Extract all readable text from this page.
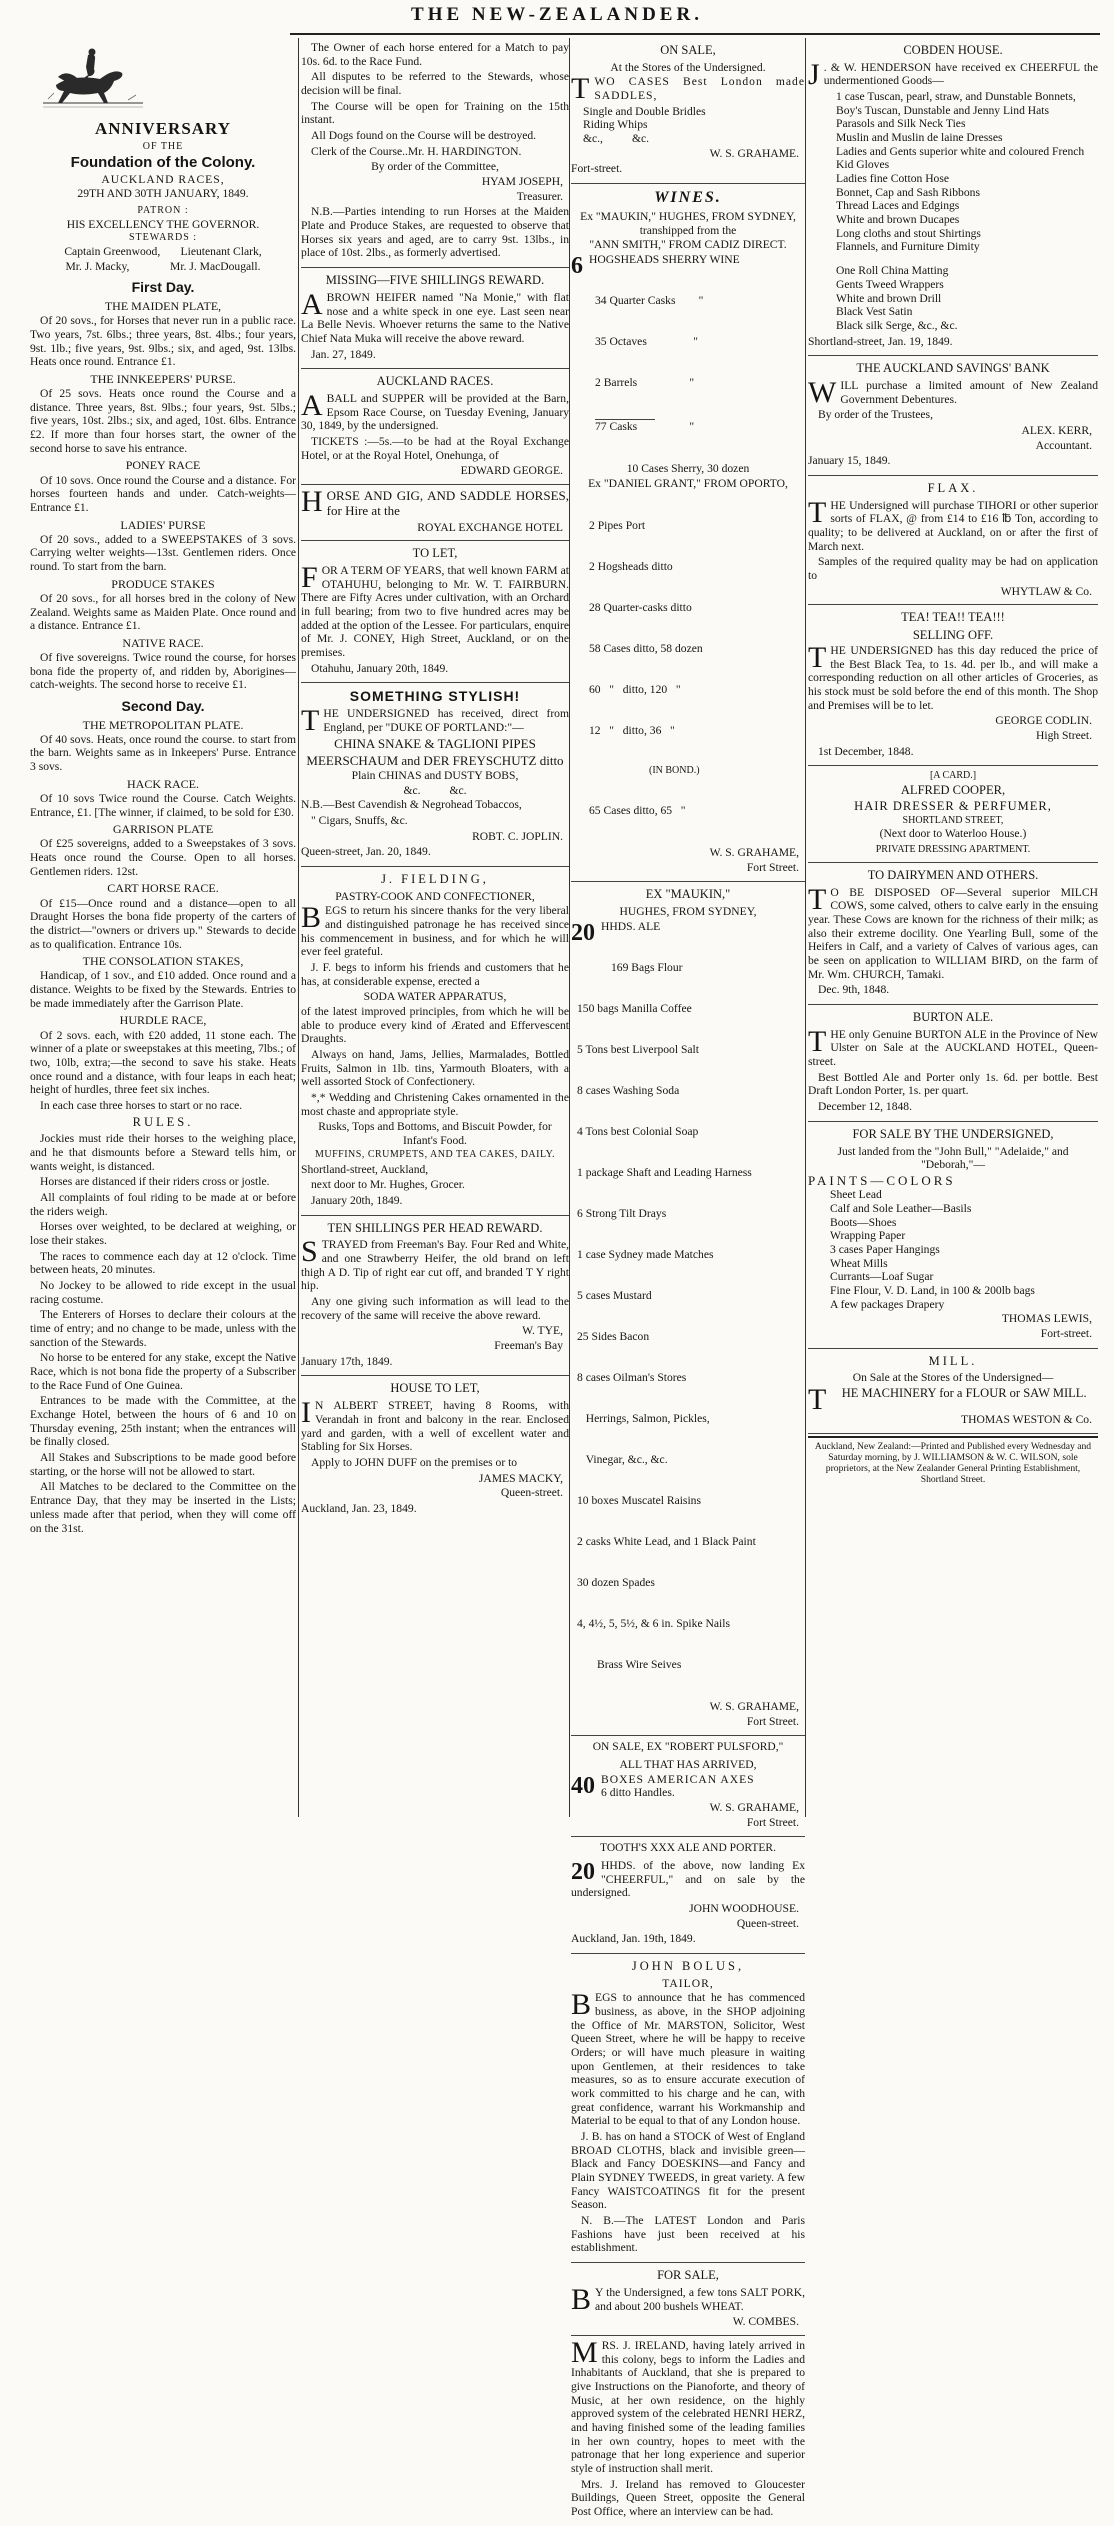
THE NEW-ZEALANDER.
ANNIVERSARY
OF THE
Foundation of the Colony.
AUCKLAND RACES,
29TH AND 30TH JANUARY, 1849.
PATRON :
HIS EXCELLENCY THE GOVERNOR.
STEWARDS :
Captain Greenwood,       Lieutenant Clark,
Mr. J. Macky,              Mr. J. MacDougall.
First Day.
THE MAIDEN PLATE,

Of 20 sovs., for Horses that never run in a public race. Two years, 7st. 6lbs.; three years, 8st. 4lbs.; four years, 9st. 1lb.; five years, 9st. 9lbs.; six, and aged, 9st. 13lbs. Heats once round. Entrance £1.

THE INNKEEPERS' PURSE.

Of 25 sovs. Heats once round the Course and a distance. Three years, 8st. 9lbs.; four years, 9st. 5lbs.; five years, 10st. 2lbs.; six, and aged, 10st. 6lbs. Entrance £2. If more than four horses start, the owner of the second horse to save his entrance.

PONEY RACE

Of 10 sovs. Once round the Course and a distance. For horses fourteen hands and under. Catch-weights—Entrance £1.

LADIES' PURSE

Of 20 sovs., added to a SWEEPSTAKES of 3 sovs. Carrying welter weights—13st. Gentlemen riders. Once round. To start from the barn.

PRODUCE STAKES

Of 20 sovs., for all horses bred in the colony of New Zealand. Weights same as Maiden Plate. Once round and a distance. Entrance £1.

NATIVE RACE.

Of five sovereigns. Twice round the course, for horses bona fide the property of, and ridden by, Aborigines—catch-weights. The second horse to receive £1.

Second Day.
THE METROPOLITAN PLATE.

Of 40 sovs. Heats, once round the course. to start from the barn. Weights same as in Inkeepers' Purse. Entrance 3 sovs.

HACK RACE.

Of 10 sovs Twice round the Course. Catch Weights. Entrance, £1. [The winner, if claimed, to be sold for £30.

GARRISON PLATE

Of £25 sovereigns, added to a Sweepstakes of 3 sovs. Heats once round the Course. Open to all horses. Gentlemen riders. 12st.

CART HORSE RACE.

Of £15—Once round and a distance—open to all Draught Horses the bona fide property of the carters of the district—"owners or drivers up." Stewards to decide as to qualification. Entrance 10s.

THE CONSOLATION STAKES,

Handicap, of 1 sov., and £10 added. Once round and a distance. Weights to be fixed by the Stewards. Entries to be made immediately after the Garrison Plate.

HURDLE RACE,

Of 2 sovs. each, with £20 added, 11 stone each. The winner of a plate or sweepstakes at this meeting, 7lbs.; of two, 10lb, extra;—the second to save his stake. Heats once round and a distance, with four leaps in each heat; height of hurdles, three feet six inches.

In each case three horses to start or no race.

RULES.

Jockies must ride their horses to the weighing place, and he that dismounts before a Steward tells him, or wants weight, is distanced.

Horses are distanced if their riders cross or jostle.

All complaints of foul riding to be made at or before the riders weigh.

Horses over weighted, to be declared at weighing, or lose their stakes.

The races to commence each day at 12 o'clock. Time between heats, 20 minutes.

No Jockey to be allowed to ride except in the usual racing costume.

The Enterers of Horses to declare their colours at the time of entry; and no change to be made, unless with the sanction of the Stewards.

No horse to be entered for any stake, except the Native Race, which is not bona fide the property of a Subscriber to the Race Fund of One Guinea.

Entrances to be made with the Committee, at the Exchange Hotel, between the hours of 6 and 10 on Thursday evening, 25th instant; when the entrances will be finally closed.

All Stakes and Subscriptions to be made good before starting, or the horse will not be allowed to start.

All Matches to be declared to the Committee on the Entrance Day, that they may be inserted in the Lists; unless made after that period, when they will come off on the 31st.

The Owner of each horse entered for a Match to pay 10s. 6d. to the Race Fund.

All disputes to be referred to the Stewards, whose decision will be final.

The Course will be open for Training on the 15th instant.

All Dogs found on the Course will be destroyed.

Clerk of the Course..Mr. H. HARDINGTON.

By order of the Committee,
HYAM JOSEPH,
Treasurer.

N.B.—Parties intending to run Horses at the Maiden Plate and Produce Stakes, are requested to observe that Horses six years and aged, are to carry 9st. 13lbs., in place of 10st. 2lbs., as formerly advertised.

MISSING—FIVE SHILLINGS REWARD.

ABROWN HEIFER named "Na Monie," with flat nose and a white speck in one eye. Last seen near La Belle Nevis. Whoever returns the same to the Native Chief Nata Muka will receive the above reward.

Jan. 27, 1849.
AUCKLAND RACES.

ABALL and SUPPER will be provided at the Barn, Epsom Race Course, on Tuesday Evening, January 30, 1849, by the undersigned.

TICKETS :—5s.—to be had at the Royal Exchange Hotel, or at the Royal Hotel, Onehunga, of

EDWARD GEORGE.

HORSE AND GIG, AND SADDLE HORSES, for Hire at the

ROYAL EXCHANGE HOTEL
TO LET,

FOR A TERM OF YEARS, that well known FARM at OTAHUHU, belonging to Mr. W. T. FAIRBURN. There are Fifty Acres under cultivation, with an Orchard in full bearing; from two to five hundred acres may be added at the option of the Lessee. For particulars, enquire of Mr. J. CONEY, High Street, Auckland, or on the premises.

Otahuhu, January 20th, 1849.
SOMETHING STYLISH!

THE UNDERSIGNED has received, direct from England, per "DUKE OF PORTLAND:"—

CHINA SNAKE & TAGLIONI PIPES
MEERSCHAUM and DER FREYSCHUTZ ditto
Plain CHINAS and DUSTY BOBS,
&c.          &c.

N.B.—Best Cavendish & Negrohead Tobaccos,

" Cigars, Snuffs, &c.

ROBT. C. JOPLIN.
Queen-street, Jan. 20, 1849.
J. FIELDING,
PASTRY-COOK AND CONFECTIONER,

BEGS to return his sincere thanks for the very liberal and distinguished patronage he has received since his commencement in business, and for which he will ever feel grateful.

J. F. begs to inform his friends and customers that he has, at considerable expense, erected a

SODA WATER APPARATUS,

of the latest improved principles, from which he will be able to produce every kind of Ærated and Effervescent Draughts.

Always on hand, Jams, Jellies, Marmalades, Bottled Fruits, Salmon in 1lb. tins, Yarmouth Bloaters, with a well assorted Stock of Confectionery.

*,* Wedding and Christening Cakes ornamented in the most chaste and appropriate style.

Rusks, Tops and Bottoms, and Biscuit Powder, for Infant's Food.
MUFFINS, CRUMPETS, AND TEA CAKES, DAILY.
Shortland-street, Auckland,
next door to Mr. Hughes, Grocer.
January 20th, 1849.
TEN SHILLINGS PER HEAD REWARD.

STRAYED from Freeman's Bay. Four Red and White, and one Strawberry Heifer, the old brand on left thigh A D. Tip of right ear cut off, and branded T Y right hip.

Any one giving such information as will lead to the recovery of the same will receive the above reward.

W. TYE,
Freeman's Bay
January 17th, 1849.
HOUSE TO LET,

I N ALBERT STREET, having 8 Rooms, with Verandah in front and balcony in the rear. Enclosed yard and garden, with a well of excellent water and Stabling for Six Horses.

Apply to JOHN DUFF on the premises or to

JAMES MACKY,
Queen-street.
Auckland, Jan. 23, 1849.
ON SALE,
At the Stores of the Undersigned.

TWO CASES Best London made SADDLES,

Single and Double Bridles
Riding Whips
&c.,          &c.
W. S. GRAHAME.
Fort-street.
WINES.
Ex "MAUKIN," HUGHES, FROM SYDNEY, transhipped from the
"ANN SMITH," FROM CADIZ DIRECT.
6 HOGSHEADS SHERRY WINE

34 Quarter Casks        "

35 Octaves                "

2 Barrels                  "

77 Casks                  "

10 Cases Sherry, 30 dozen
Ex "DANIEL GRANT," FROM OPORTO,

2 Pipes Port

2 Hogsheads ditto

28 Quarter-casks ditto

58 Cases ditto, 58 dozen

60   "   ditto, 120   "

12   "   ditto, 36   "

(IN BOND.)

65 Cases ditto, 65   "

W. S. GRAHAME,
Fort Street.
EX "MAUKIN,"
HUGHES, FROM SYDNEY,
20 HHDS. ALE

169 Bags Flour

150 bags Manilla Coffee

5 Tons best Liverpool Salt

8 cases Washing Soda

4 Tons best Colonial Soap

1 package Shaft and Leading Harness

6 Strong Tilt Drays

1 case Sydney made Matches

5 cases Mustard

25 Sides Bacon

8 cases Oilman's Stores

Herrings, Salmon, Pickles,

Vinegar, &c., &c.

10 boxes Muscatel Raisins

2 casks White Lead, and 1 Black Paint

30 dozen Spades

4, 4½, 5, 5½, & 6 in. Spike Nails

Brass Wire Seives

W. S. GRAHAME,
Fort Street.
ON SALE, EX "ROBERT PULSFORD,"
ALL THAT HAS ARRIVED,
40 BOXES AMERICAN AXES
6 ditto Handles.
W. S. GRAHAME,
Fort Street.
TOOTH'S XXX ALE AND PORTER.

20 HHDS. of the above, now landing Ex "CHEERFUL," and on sale by the undersigned.

JOHN WOODHOUSE.
Queen-street.
Auckland, Jan. 19th, 1849.
JOHN BOLUS,
TAILOR,

BEGS to announce that he has commenced business, as above, in the SHOP adjoining the Office of Mr. MARSTON, Solicitor, West Queen Street, where he will be happy to receive Orders; or will have much pleasure in waiting upon Gentlemen, at their residences to take measures, so as to ensure accurate execution of work committed to his charge and he can, with great confidence, warrant his Workmanship and Material to be equal to that of any London house.

J. B. has on hand a STOCK of West of England BROAD CLOTHS, black and invisible green—Black and Fancy DOESKINS—and Fancy and Plain SYDNEY TWEEDS, in great variety. A few Fancy WAISTCOATINGS fit for the present Season.

N. B.—The LATEST London and Paris Fashions have just been received at his establishment.

FOR SALE,

B Y the Undersigned, a few tons SALT PORK, and about 200 bushels WHEAT.

W. COMBES.

MRS. J. IRELAND, having lately arrived in this colony, begs to inform the Ladies and Inhabitants of Auckland, that she is prepared to give Instructions on the Pianoforte, and theory of Music, at her own residence, on the highly approved system of the celebrated HENRI HERZ, and having finished some of the leading families in her own country, hopes to meet with the patronage that her long experience and superior style of instruction shall merit.

Mrs. J. Ireland has removed to Gloucester Buildings, Queen Street, opposite the General Post Office, where an interview can be had.

COBDEN HOUSE.

J . & W. HENDERSON have received ex CHEERFUL the undermentioned Goods—

1 case Tuscan, pearl, straw, and Dunstable Bonnets, Boy's Tuscan, Dunstable and Jenny Lind Hats
Parasols and Silk Neck Ties
Muslin and Muslin de laine Dresses
Ladies and Gents superior white and coloured French Kid Gloves
Ladies fine Cotton Hose
Bonnet, Cap and Sash Ribbons
Thread Laces and Edgings
White and brown Ducapes
Long cloths and stout Shirtings
Flannels, and Furniture Dimity
One Roll China Matting
Gents Tweed Wrappers
White and brown Drill
Black Vest Satin
Black silk Serge, &c., &c.
Shortland-street, Jan. 19, 1849.
THE AUCKLAND SAVINGS' BANK

WILL purchase a limited amount of New Zealand Government Debentures.

By order of the Trustees,

ALEX. KERR,
Accountant.
January 15, 1849.
FLAX.

THE Undersigned will purchase TIHORI or other superior sorts of FLAX, @ from £14 to £16 ℔ Ton, according to quality; to be delivered at Auckland, on or after the first of March next.

Samples of the required quality may be had on application to

WHYTLAW & Co.
TEA! TEA!! TEA!!!
SELLING OFF.

THE UNDERSIGNED has this day reduced the price of the Best Black Tea, to 1s. 4d. per lb., and will make a corresponding reduction on all other articles of Groceries, as his stock must be sold before the end of this month. The Shop and Premises will be to let.

GEORGE CODLIN.
High Street.
1st December, 1848.
[A CARD.]
ALFRED COOPER,
HAIR DRESSER & PERFUMER,
SHORTLAND STREET,
(Next door to Waterloo House.)
PRIVATE DRESSING APARTMENT.
TO DAIRYMEN AND OTHERS.

T O BE DISPOSED OF—Several superior MILCH COWS, some calved, others to calve early in the ensuing year. These Cows are known for the richness of their milk; as also their extreme docility. One Yearling Bull, some of the Heifers in Calf, and a variety of Calves of various ages, can be seen on application to WILLIAM BIRD, on the farm of Mr. Wm. CHURCH, Tamaki.

Dec. 9th, 1848.
BURTON ALE.

THE only Genuine BURTON ALE in the Province of New Ulster on Sale at the AUCKLAND HOTEL, Queen-street.

Best Bottled Ale and Porter only 1s. 6d. per bottle. Best Draft London Porter, 1s. per quart.

December 12, 1848.
FOR SALE BY THE UNDERSIGNED,
Just landed from the "John Bull," "Adelaide," and "Deborah,"—
PAINTS—COLORS
Sheet Lead
Calf and Sole Leather—Basils
Boots—Shoes
Wrapping Paper
3 cases Paper Hangings
Wheat Mills
Currants—Loaf Sugar
Fine Flour, V. D. Land, in 100 & 200lb bags
A few packages Drapery
THOMAS LEWIS,
Fort-street.
MILL.
On Sale at the Stores of the Undersigned—

T HE MACHINERY for a FLOUR or SAW MILL.

THOMAS WESTON & Co.
Auckland, New Zealand:—Printed and Published every Wednesday and Saturday morning, by J. WILLIAMSON & W. C. WILSON, sole proprietors, at the New Zealander General Printing Establishment, Shortland Street.
